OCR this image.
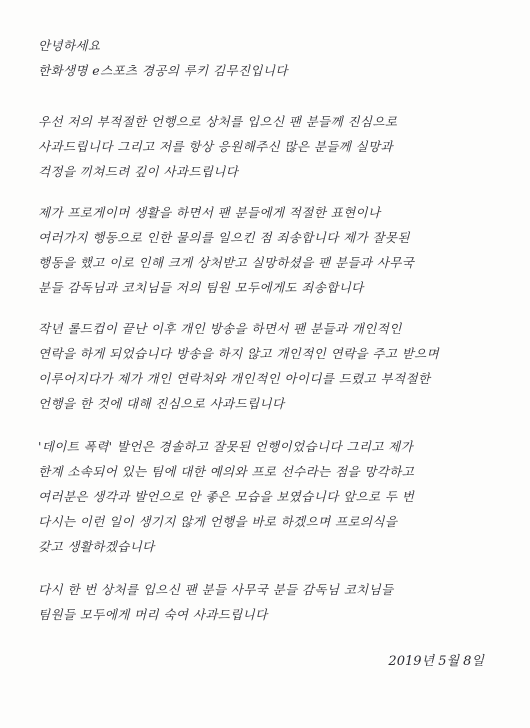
안녕하세요
한화생명 e스포츠 경공의 루키 김무진입니다
우선 저의 부적절한 언행으로 상처를 입으신 팬 분들께 진심으로
사과드립니다 그리고 저를 항상 응원해주신 많은 분들께 실망과
걱정을 끼쳐드려 깊이 사과드립니다
제가 프로게이머 생활을 하면서 팬 분들에게 적절한 표현이나
여러가지 행동으로 인한 물의를 일으킨 점 죄송합니다 제가 잘못된
행동을 했고 이로 인해 크게 상처받고 실망하셨을 팬 분들과 사무국
분들 감독님과 코치님들 저의 팀원 모두에게도 죄송합니다
작년 롤드컵이 끝난 이후 개인 방송을 하면서 팬 분들과 개인적인
연락을 하게 되었습니다 방송을 하지 않고 개인적인 연락을 주고 받으며
이루어지다가 제가 개인 연락처와 개인적인 아이디를 드렸고 부적절한
언행을 한 것에 대해 진심으로 사과드립니다
'데이트 폭력' 발언은 경솔하고 잘못된 언행이었습니다 그리고 제가
한계 소속되어 있는 팀에 대한 예의와 프로 선수라는 점을 망각하고
여러분은 생각과 발언으로 안 좋은 모습을 보였습니다 앞으로 두 번
다시는 이런 일이 생기지 않게 언행을 바로 하겠으며 프로의식을
갖고 생활하겠습니다
다시 한 번 상처를 입으신 팬 분들 사무국 분들 감독님 코치님들
팀원들 모두에게 머리 숙여 사과드립니다
2019년 5월 8일
